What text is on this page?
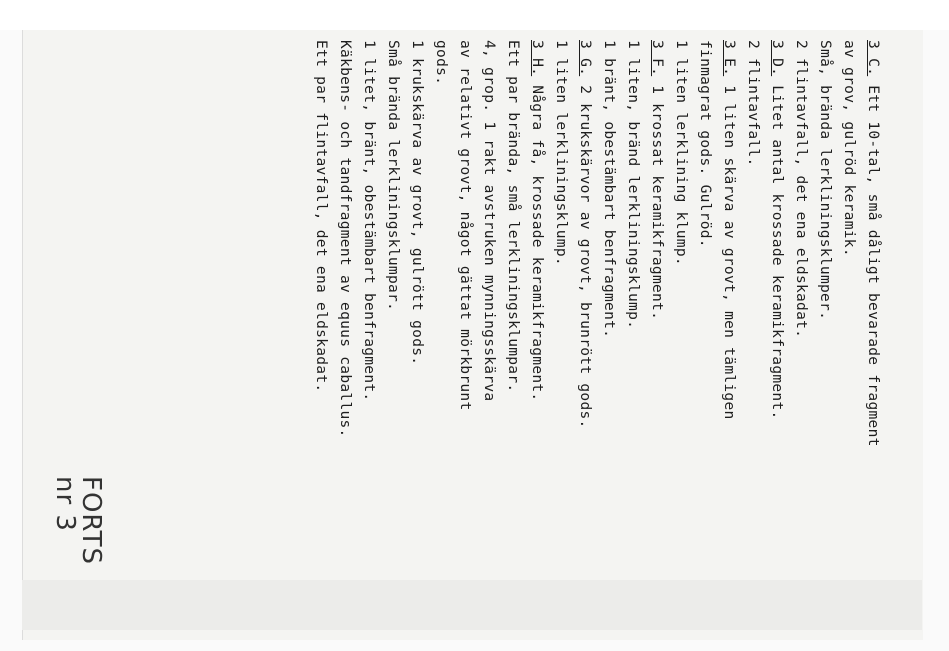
3 C. Ett 10-tal, små dåligt bevarade fragment
av grov, gulröd keramik.
Små, brända lerkliningsklumper.
2 flintavfall, det ena eldskadat.
3 D. Litet antal krossade keramikfragment.
2 flintavfall.
3 E. 1 liten skärva av grovt, men tämligen
finmagrat gods. Gulröd.
1 liten lerklining klump.
3 F. 1 krossat keramikfragment.
1 liten, bränd lerkliningsklump.
1 bränt, obestämbart benfragment.
3 G. 2 krukskärvor av grovt, brunrött gods.
1 liten lerkliningsklump.
3 H. Några få, krossade keramikfragment.
Ett par brända, små lerkliningsklumpar.
4, grop. 1 rakt avstruken mynningsskärva
av relativt grovt, något gättat mörkbrunt
gods.
1 krukskärva av grovt, gulrött gods.
Små brända lerkliningsklumpar.
1 litet, bränt, obestämbart benfragment.
Käkbens- och tandfragment av equus caballus.
Ett par flintavfall, det ena eldskadat.
FORTS
nr 3
